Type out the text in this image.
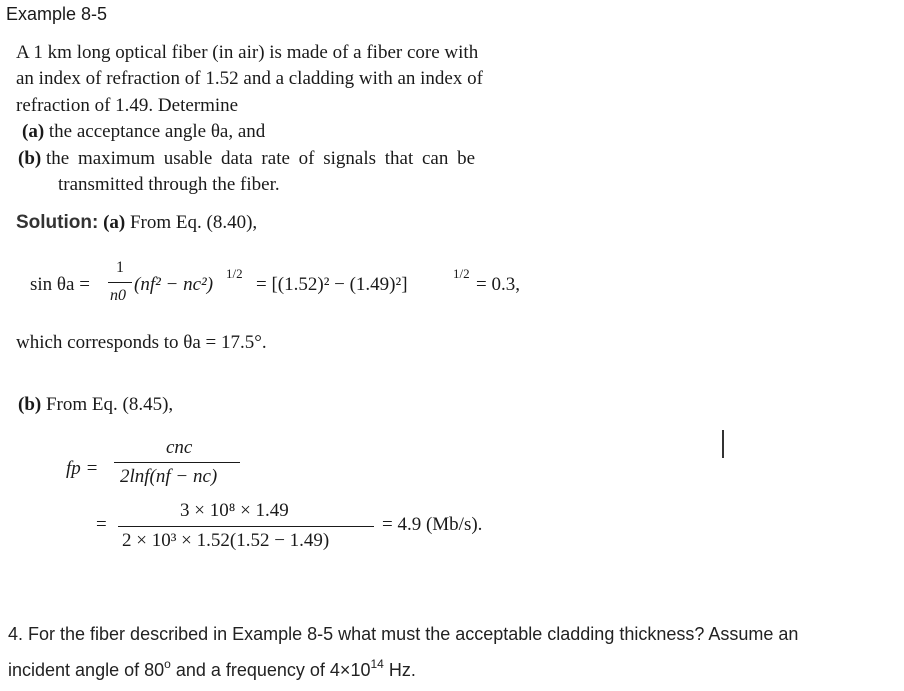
Example 8-5
A 1 km long optical fiber (in air) is made of a fiber core with
an index of refraction of 1.52 and a cladding with an index of
refraction of 1.49. Determine
(a) the acceptance angle θa, and
(b) the maximum usable data rate of signals that can be
transmitted through the fiber.
Solution: (a) From Eq. (8.40),
sin θa =
1
n0
(nf² − nc²)
1/2
= [(1.52)² − (1.49)²]
1/2
= 0.3,
which corresponds to θa = 17.5°.
(b) From Eq. (8.45),
fp =
cnc
2lnf(nf − nc)
=
3 × 10⁸ × 1.49
2 × 10³ × 1.52(1.52 − 1.49)
= 4.9 (Mb/s).
4. For the fiber described in Example 8-5 what must the acceptable cladding thickness? Assume an
incident angle of 80$^o$ and a frequency of $4\times 10^{14}$ Hz.
